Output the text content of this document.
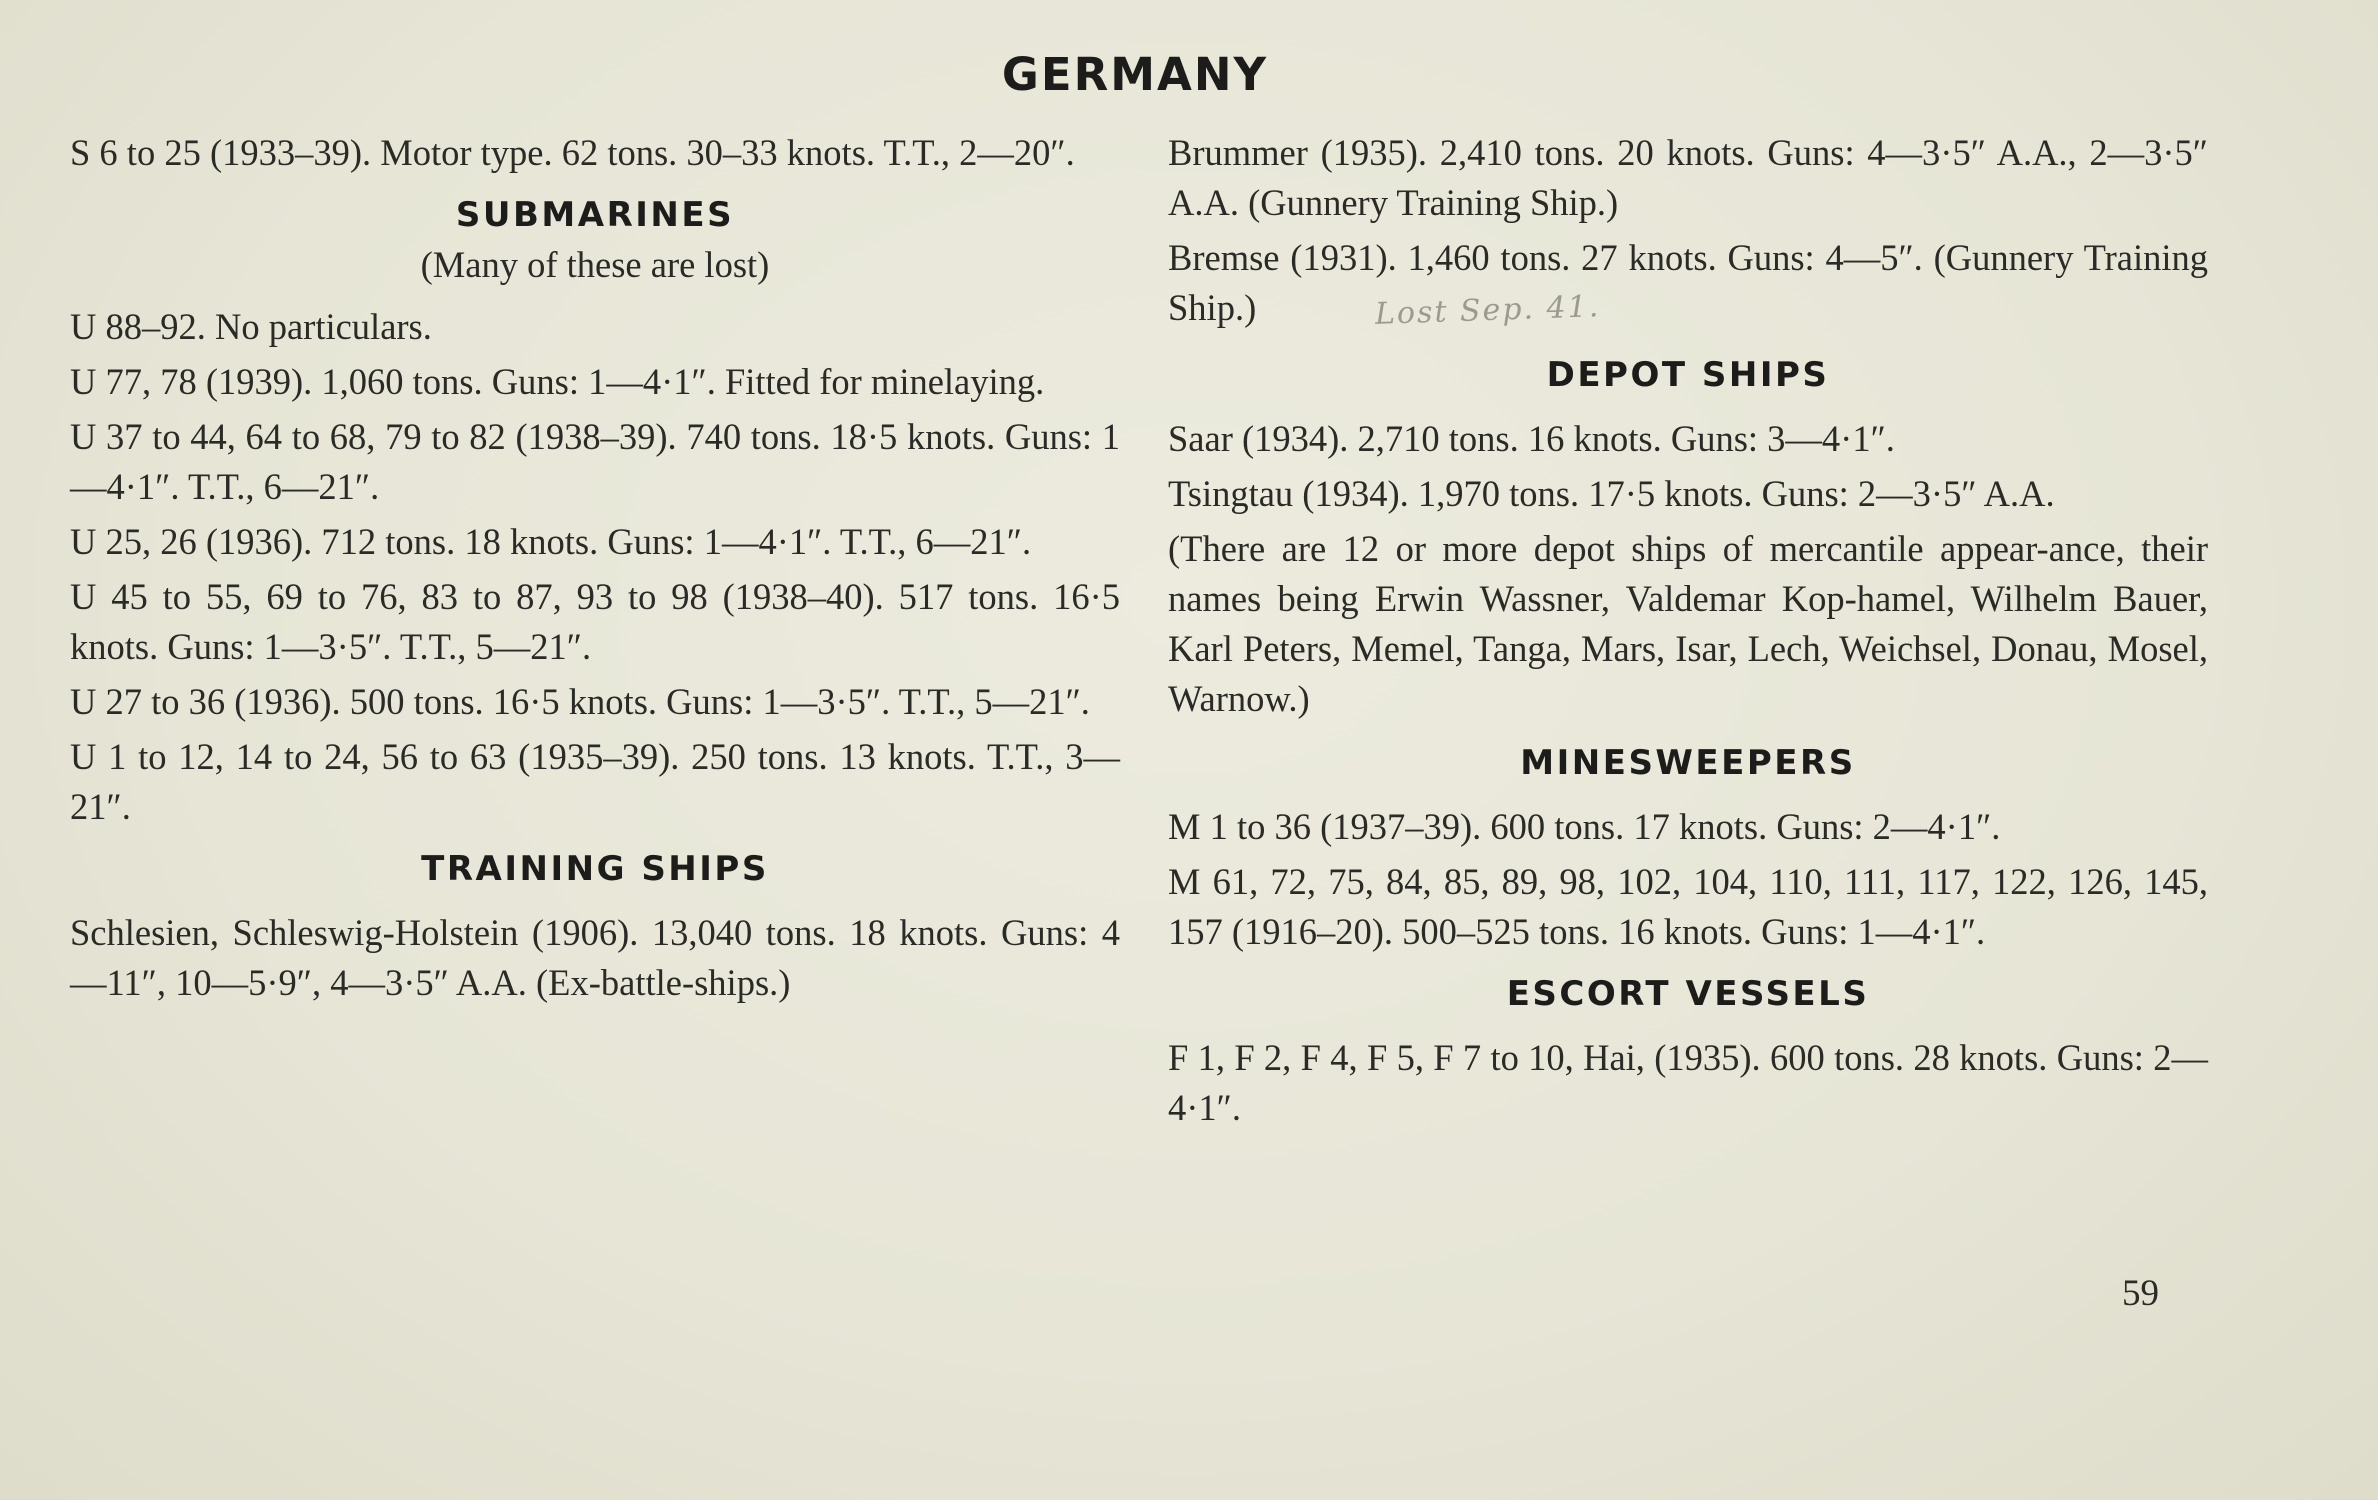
GERMANY

S 6 to 25 (1933–39). Motor type. 62 tons. 30–33 knots. T.T., 2—20″.

SUBMARINES

(Many of these are lost)

U 88–92. No particulars.

U 77, 78 (1939). 1,060 tons. Guns: 1—4·1″. Fitted for minelaying.

U 37 to 44, 64 to 68, 79 to 82 (1938–39). 740 tons. 18·5 knots. Guns: 1—4·1″. T.T., 6—21″.

U 25, 26 (1936). 712 tons. 18 knots. Guns: 1—4·1″. T.T., 6—21″.

U 45 to 55, 69 to 76, 83 to 87, 93 to 98 (1938–40). 517 tons. 16·5 knots. Guns: 1—3·5″. T.T., 5—21″.

U 27 to 36 (1936). 500 tons. 16·5 knots. Guns: 1—3·5″. T.T., 5—21″.

U 1 to 12, 14 to 24, 56 to 63 (1935–39). 250 tons. 13 knots. T.T., 3—21″.

TRAINING SHIPS

Schlesien, Schleswig-Holstein (1906). 13,040 tons. 18 knots. Guns: 4—11″, 10—5·9″, 4—3·5″ A.A. (Ex-battle-ships.)

Brummer (1935). 2,410 tons. 20 knots. Guns: 4—3·5″ A.A., 2—3·5″ A.A. (Gunnery Training Ship.)

Bremse (1931). 1,460 tons. 27 knots. Guns: 4—5″. (Gunnery Training Ship.)	Lost Sep. 41.

DEPOT SHIPS

Saar (1934). 2,710 tons. 16 knots. Guns: 3—4·1″.

Tsingtau (1934). 1,970 tons. 17·5 knots. Guns: 2—3·5″ A.A.

(There are 12 or more depot ships of mercantile appear-ance, their names being Erwin Wassner, Valdemar Kop-hamel, Wilhelm Bauer, Karl Peters, Memel, Tanga, Mars, Isar, Lech, Weichsel, Donau, Mosel, Warnow.)

MINESWEEPERS

M 1 to 36 (1937–39). 600 tons. 17 knots. Guns: 2—4·1″.

M 61, 72, 75, 84, 85, 89, 98, 102, 104, 110, 111, 117, 122, 126, 145, 157 (1916–20). 500–525 tons. 16 knots. Guns: 1—4·1″.

ESCORT VESSELS

F 1, F 2, F 4, F 5, F 7 to 10, Hai, (1935). 600 tons. 28 knots. Guns: 2—4·1″.

59
